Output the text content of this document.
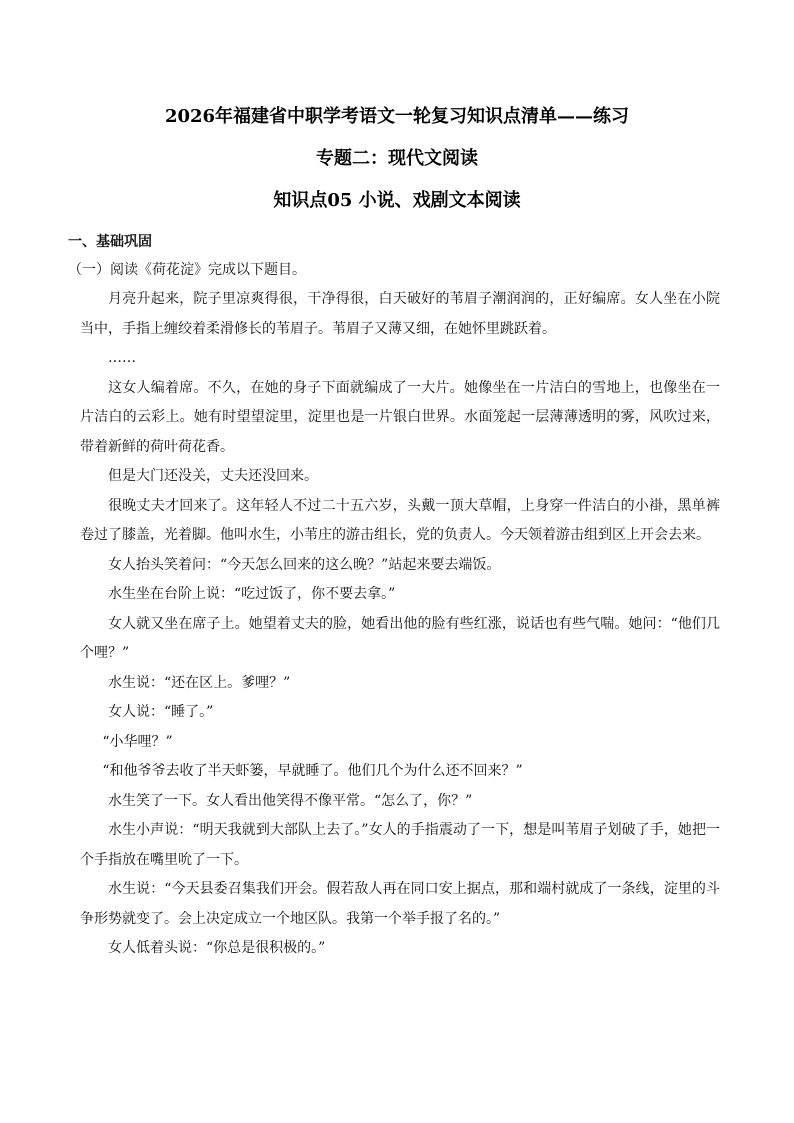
2026年福建省中职学考语文一轮复习知识点清单——练习
专题二：现代文阅读
知识点05 小说、戏剧文本阅读
一、基础巩固
（一）阅读《荷花淀》完成以下题目。

月亮升起来，院子里凉爽得很，干净得很，白天破好的苇眉子潮润润的，正好编席。女人坐在小院当中，手指上缠绞着柔滑修长的苇眉子。苇眉子又薄又细，在她怀里跳跃着。

……

这女人编着席。不久，在她的身子下面就编成了一大片。她像坐在一片洁白的雪地上，也像坐在一片洁白的云彩上。她有时望望淀里，淀里也是一片银白世界。水面笼起一层薄薄透明的雾，风吹过来，带着新鲜的荷叶荷花香。

但是大门还没关，丈夫还没回来。

很晚丈夫才回来了。这年轻人不过二十五六岁，头戴一顶大草帽，上身穿一件洁白的小褂，黑单裤卷过了膝盖，光着脚。他叫水生，小苇庄的游击组长，党的负责人。今天领着游击组到区上开会去来。

女人抬头笑着问：“今天怎么回来的这么晚？”站起来要去端饭。

水生坐在台阶上说：“吃过饭了，你不要去拿。”

女人就又坐在席子上。她望着丈夫的脸，她看出他的脸有些红涨，说话也有些气喘。她问：“他们几个哩？”

水生说：“还在区上。爹哩？”

女人说：“睡了。”

“小华哩？”

“和他爷爷去收了半天虾篓，早就睡了。他们几个为什么还不回来？”

水生笑了一下。女人看出他笑得不像平常。“怎么了，你？”

水生小声说：“明天我就到大部队上去了。”女人的手指震动了一下，想是叫苇眉子划破了手，她把一个手指放在嘴里吮了一下。

水生说：“今天县委召集我们开会。假若敌人再在同口安上据点，那和端村就成了一条线，淀里的斗争形势就变了。会上决定成立一个地区队。我第一个举手报了名的。”

女人低着头说：“你总是很积极的。”
